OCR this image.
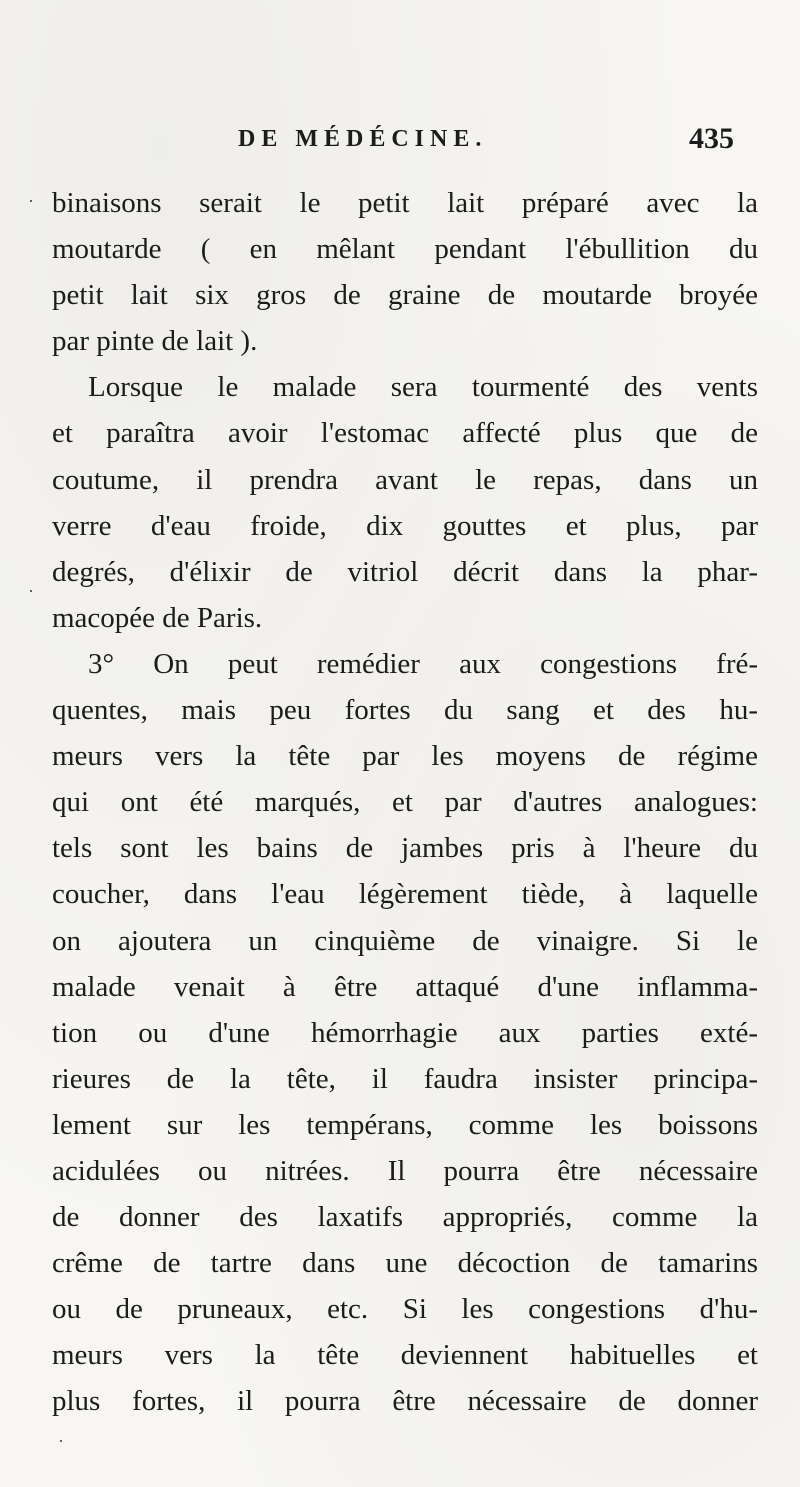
DE MÉDÉCINE.	435
binaisons serait le petit lait préparé avec la
moutarde ( en mêlant pendant l'ébullition du
petit lait six gros de graine de moutarde broyée
par pinte de lait ).
Lorsque le malade sera tourmenté des vents
et paraîtra avoir l'estomac affecté plus que de
coutume, il prendra avant le repas, dans un
verre d'eau froide, dix gouttes et plus, par
degrés, d'élixir de vitriol décrit dans la phar-
macopée de Paris.
3° On peut remédier aux congestions fré-
quentes, mais peu fortes du sang et des hu-
meurs vers la tête par les moyens de régime
qui ont été marqués, et par d'autres analogues:
tels sont les bains de jambes pris à l'heure du
coucher, dans l'eau légèrement tiède, à laquelle
on ajoutera un cinquième de vinaigre. Si le
malade venait à être attaqué d'une inflamma-
tion ou d'une hémorrhagie aux parties exté-
rieures de la tête, il faudra insister principa-
lement sur les tempérans, comme les boissons
acidulées ou nitrées. Il pourra être nécessaire
de donner des laxatifs appropriés, comme la
crême de tartre dans une décoction de tamarins
ou de pruneaux, etc. Si les congestions d'hu-
meurs vers la tête deviennent habituelles et
plus fortes, il pourra être nécessaire de donner
